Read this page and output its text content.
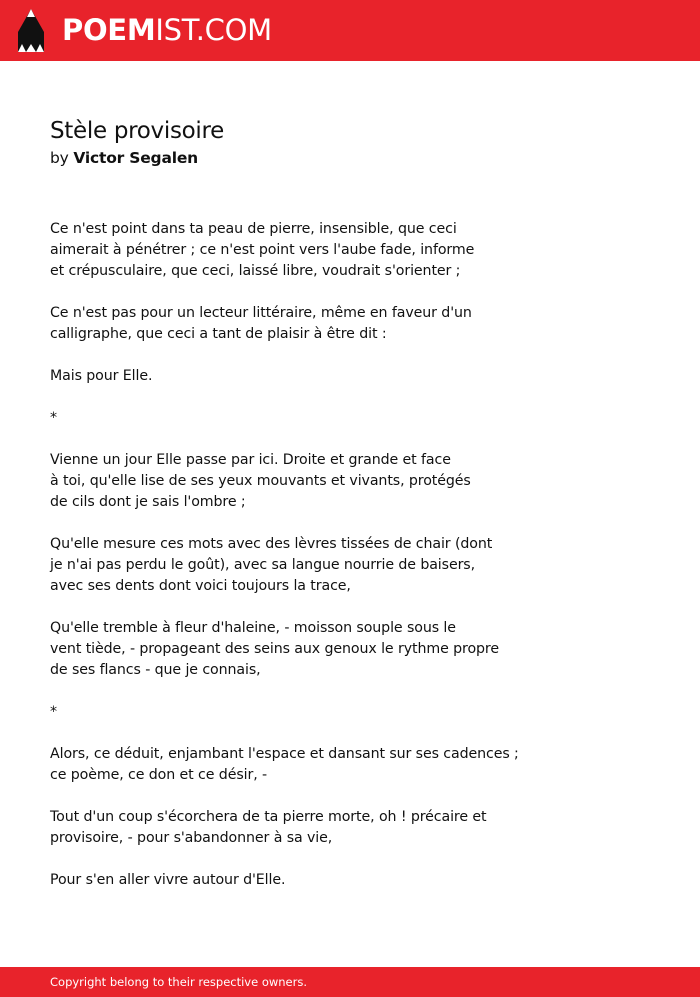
POEMIST.COM
Stèle provisoire
by Victor Segalen
Ce n'est point dans ta peau de pierre, insensible, que ceci
aimerait à pénétrer ; ce n'est point vers l'aube fade, informe
et crépusculaire, que ceci, laissé libre, voudrait s'orienter ;
Ce n'est pas pour un lecteur littéraire, même en faveur d'un
calligraphe, que ceci a tant de plaisir à être dit :
Mais pour Elle.
*
Vienne un jour Elle passe par ici. Droite et grande et face
à toi, qu'elle lise de ses yeux mouvants et vivants, protégés
de cils dont je sais l'ombre ;
Qu'elle mesure ces mots avec des lèvres tissées de chair (dont
je n'ai pas perdu le goût), avec sa langue nourrie de baisers,
avec ses dents dont voici toujours la trace,
Qu'elle tremble à fleur d'haleine, - moisson souple sous le
vent tiède, - propageant des seins aux genoux le rythme propre
de ses flancs - que je connais,
*
Alors, ce déduit, enjambant l'espace et dansant sur ses cadences ;
ce poème, ce don et ce désir, -
Tout d'un coup s'écorchera de ta pierre morte, oh ! précaire et
provisoire, - pour s'abandonner à sa vie,
Pour s'en aller vivre autour d'Elle.
Copyright belong to their respective owners.
